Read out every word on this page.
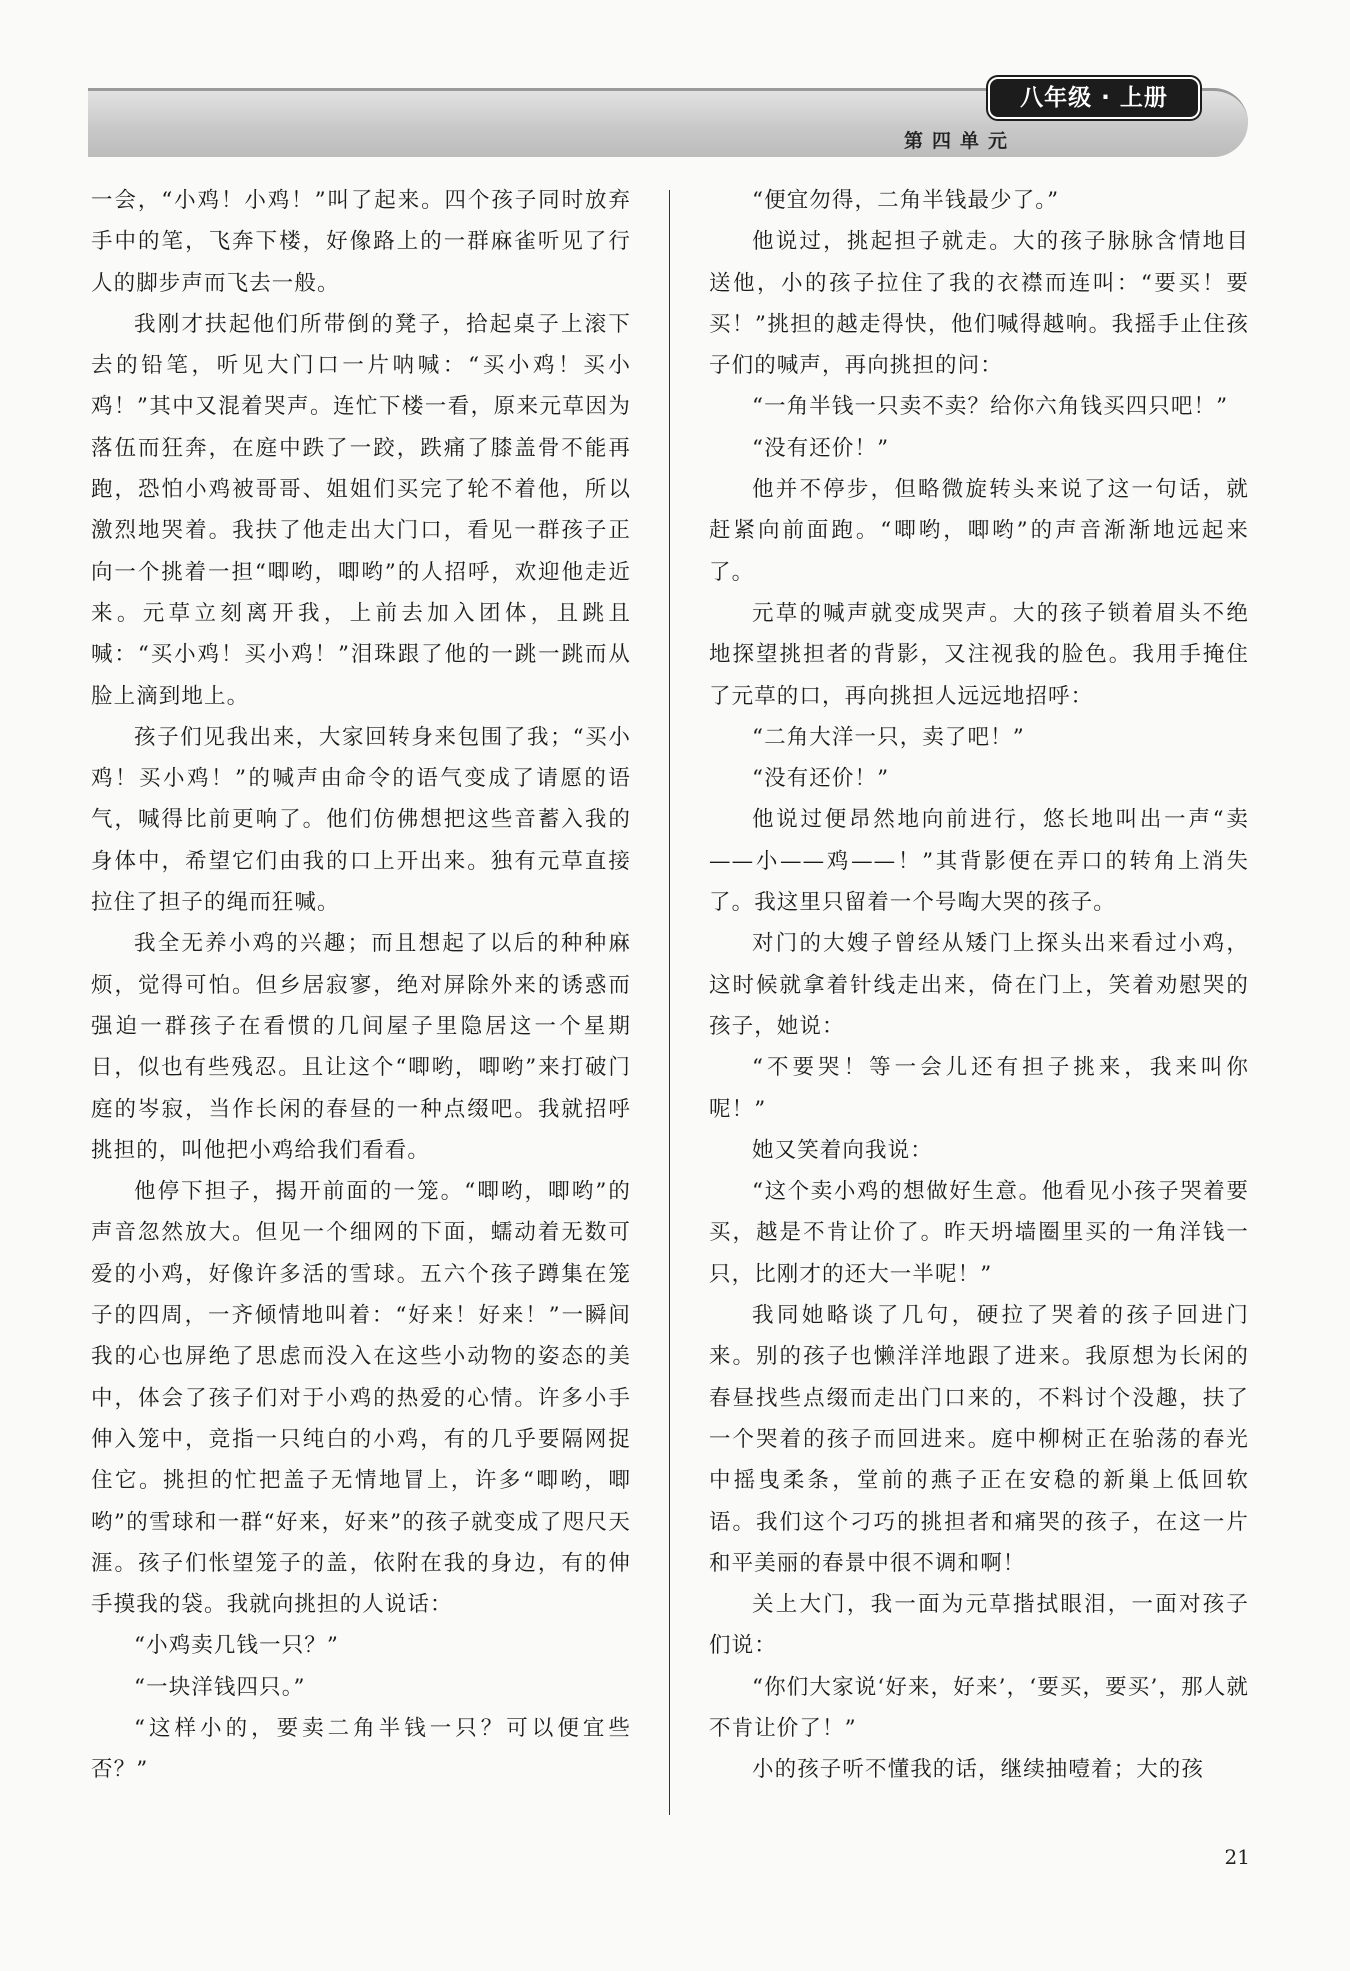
八年级 · 上册
第四单元

一会，“小鸡！小鸡！”叫了起来。四个孩子同时放弃手中的笔，飞奔下楼，好像路上的一群麻雀听见了行人的脚步声而飞去一般。

我刚才扶起他们所带倒的凳子，拾起桌子上滚下去的铅笔，听见大门口一片呐喊：“买小鸡！买小鸡！”其中又混着哭声。连忙下楼一看，原来元草因为落伍而狂奔，在庭中跌了一跤，跌痛了膝盖骨不能再跑，恐怕小鸡被哥哥、姐姐们买完了轮不着他，所以激烈地哭着。我扶了他走出大门口，看见一群孩子正向一个挑着一担“唧哟，唧哟”的人招呼，欢迎他走近来。元草立刻离开我，上前去加入团体，且跳且喊：“买小鸡！买小鸡！”泪珠跟了他的一跳一跳而从脸上滴到地上。

孩子们见我出来，大家回转身来包围了我；“买小鸡！买小鸡！”的喊声由命令的语气变成了请愿的语气，喊得比前更响了。他们仿佛想把这些音蓄入我的身体中，希望它们由我的口上开出来。独有元草直接拉住了担子的绳而狂喊。

我全无养小鸡的兴趣；而且想起了以后的种种麻烦，觉得可怕。但乡居寂寥，绝对屏除外来的诱惑而强迫一群孩子在看惯的几间屋子里隐居这一个星期日，似也有些残忍。且让这个“唧哟，唧哟”来打破门庭的岑寂，当作长闲的春昼的一种点缀吧。我就招呼挑担的，叫他把小鸡给我们看看。

他停下担子，揭开前面的一笼。“唧哟，唧哟”的声音忽然放大。但见一个细网的下面，蠕动着无数可爱的小鸡，好像许多活的雪球。五六个孩子蹲集在笼子的四周，一齐倾情地叫着：“好来！好来！”一瞬间我的心也屏绝了思虑而没入在这些小动物的姿态的美中，体会了孩子们对于小鸡的热爱的心情。许多小手伸入笼中，竞指一只纯白的小鸡，有的几乎要隔网捉住它。挑担的忙把盖子无情地冒上，许多“唧哟，唧哟”的雪球和一群“好来，好来”的孩子就变成了咫尺天涯。孩子们怅望笼子的盖，依附在我的身边，有的伸手摸我的袋。我就向挑担的人说话：

“小鸡卖几钱一只？”

“一块洋钱四只。”

“这样小的，要卖二角半钱一只？可以便宜些否？”

“便宜勿得，二角半钱最少了。”

他说过，挑起担子就走。大的孩子脉脉含情地目送他，小的孩子拉住了我的衣襟而连叫：“要买！要买！”挑担的越走得快，他们喊得越响。我摇手止住孩子们的喊声，再向挑担的问：

“一角半钱一只卖不卖？给你六角钱买四只吧！”

“没有还价！”

他并不停步，但略微旋转头来说了这一句话，就赶紧向前面跑。“唧哟，唧哟”的声音渐渐地远起来了。

元草的喊声就变成哭声。大的孩子锁着眉头不绝地探望挑担者的背影，又注视我的脸色。我用手掩住了元草的口，再向挑担人远远地招呼：

“二角大洋一只，卖了吧！”

“没有还价！”

他说过便昂然地向前进行，悠长地叫出一声“卖——小——鸡——！”其背影便在弄口的转角上消失了。我这里只留着一个号啕大哭的孩子。

对门的大嫂子曾经从矮门上探头出来看过小鸡，这时候就拿着针线走出来，倚在门上，笑着劝慰哭的孩子，她说：

“不要哭！等一会儿还有担子挑来，我来叫你呢！”

她又笑着向我说：

“这个卖小鸡的想做好生意。他看见小孩子哭着要买，越是不肯让价了。昨天坍墙圈里买的一角洋钱一只，比刚才的还大一半呢！”

我同她略谈了几句，硬拉了哭着的孩子回进门来。别的孩子也懒洋洋地跟了进来。我原想为长闲的春昼找些点缀而走出门口来的，不料讨个没趣，扶了一个哭着的孩子而回进来。庭中柳树正在骀荡的春光中摇曳柔条，堂前的燕子正在安稳的新巢上低回软语。我们这个刁巧的挑担者和痛哭的孩子，在这一片和平美丽的春景中很不调和啊！

关上大门，我一面为元草揩拭眼泪，一面对孩子们说：

“你们大家说‘好来，好来’，‘要买，要买’，那人就不肯让价了！”

小的孩子听不懂我的话，继续抽噎着；大的孩

21
